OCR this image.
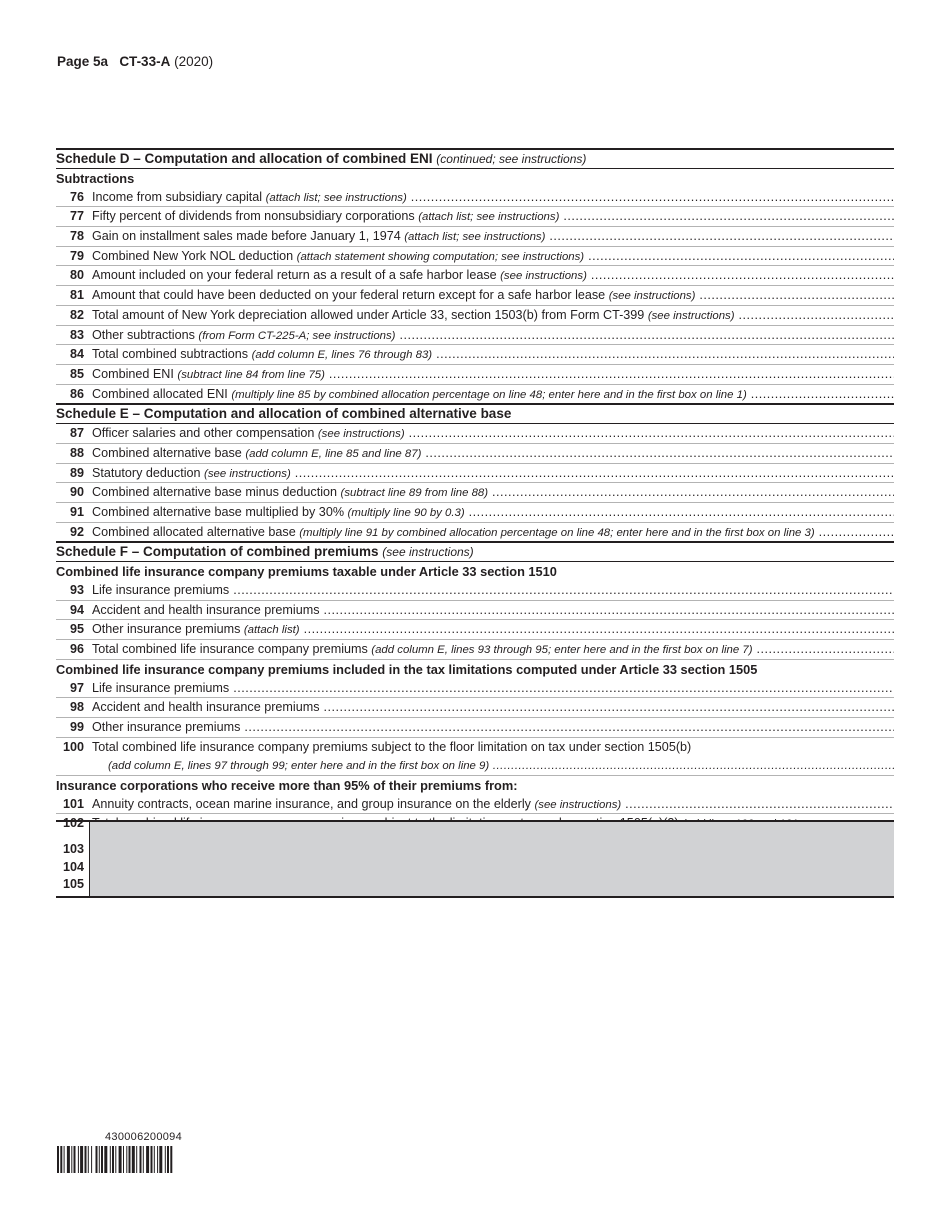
Page 5a CT-33-A (2020)
Schedule D – Computation and allocation of combined ENI (continued; see instructions)
Subtractions
76 Income from subsidiary capital (attach list; see instructions) .....
77 Fifty percent of dividends from nonsubsidiary corporations (attach list; see instructions) .....
78 Gain on installment sales made before January 1, 1974 (attach list; see instructions) .....
79 Combined New York NOL deduction (attach statement showing computation; see instructions) .....
80 Amount included on your federal return as a result of a safe harbor lease (see instructions) .....
81 Amount that could have been deducted on your federal return except for a safe harbor lease (see instructions) .....
82 Total amount of New York depreciation allowed under Article 33, section 1503(b) from Form CT-399 (see instructions) .....
83 Other subtractions (from Form CT-225-A; see instructions) .....
84 Total combined subtractions (add column E, lines 76 through 83) .....
85 Combined ENI (subtract line 84 from line 75) .....
86 Combined allocated ENI (multiply line 85 by combined allocation percentage on line 48; enter here and in the first box on line 1) .....
Schedule E – Computation and allocation of combined alternative base
87 Officer salaries and other compensation (see instructions) .....
88 Combined alternative base (add column E, line 85 and line 87) .....
89 Statutory deduction (see instructions) .....
90 Combined alternative base minus deduction (subtract line 89 from line 88) .....
91 Combined alternative base multiplied by 30% (multiply line 90 by 0.3) .....
92 Combined allocated alternative base (multiply line 91 by combined allocation percentage on line 48; enter here and in the first box on line 3) .....
Schedule F – Computation of combined premiums (see instructions)
Combined life insurance company premiums taxable under Article 33 section 1510
93 Life insurance premiums .....
94 Accident and health insurance premiums .....
95 Other insurance premiums (attach list) .....
96 Total combined life insurance company premiums (add column E, lines 93 through 95; enter here and in the first box on line 7) .....
Combined life insurance company premiums included in the tax limitations computed under Article 33 section 1505
97 Life insurance premiums .....
98 Accident and health insurance premiums .....
99 Other insurance premiums .....
100 Total combined life insurance company premiums subject to the floor limitation on tax under section 1505(b)
(add column E, lines 97 through 99; enter here and in the first box on line 9) .....
Insurance corporations who receive more than 95% of their premiums from:
101 Annuity contracts, ocean marine insurance, and group insurance on the elderly (see instructions) .....
102
.....
103
104
105
430006200094
